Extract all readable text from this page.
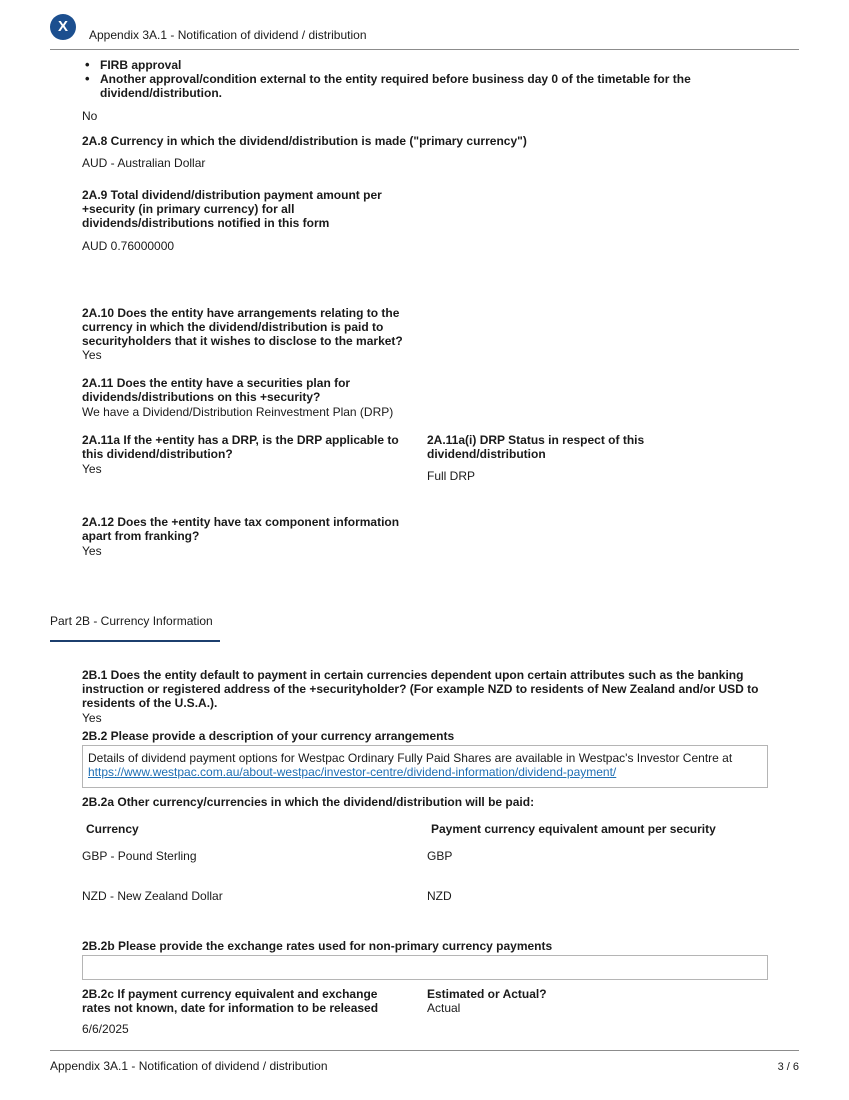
X	Appendix 3A.1 - Notification of dividend / distribution
• FIRB approval
• Another approval/condition external to the entity required before business day 0 of the timetable for the dividend/distribution.
No
2A.8 Currency in which the dividend/distribution is made ("primary currency")
AUD - Australian Dollar
2A.9 Total dividend/distribution payment amount per +security (in primary currency) for all dividends/distributions notified in this form
AUD 0.76000000
2A.10 Does the entity have arrangements relating to the currency in which the dividend/distribution is paid to securityholders that it wishes to disclose to the market?
Yes
2A.11 Does the entity have a securities plan for dividends/distributions on this +security?
We have a Dividend/Distribution Reinvestment Plan (DRP)
2A.11a If the +entity has a DRP, is the DRP applicable to this dividend/distribution?
Yes
2A.11a(i) DRP Status in respect of this dividend/distribution
Full DRP
2A.12 Does the +entity have tax component information apart from franking?
Yes
Part 2B - Currency Information
2B.1 Does the entity default to payment in certain currencies dependent upon certain attributes such as the banking instruction or registered address of the +securityholder? (For example NZD to residents of New Zealand and/or USD to residents of the U.S.A.).
Yes
2B.2 Please provide a description of your currency arrangements
Details of dividend payment options for Westpac Ordinary Fully Paid Shares are available in Westpac's Investor Centre at
https://www.westpac.com.au/about-westpac/investor-centre/dividend-information/dividend-payment/
2B.2a Other currency/currencies in which the dividend/distribution will be paid:
Currency	Payment currency equivalent amount per security
GBP - Pound Sterling	GBP
NZD - New Zealand Dollar	NZD
2B.2b Please provide the exchange rates used for non-primary currency payments
2B.2c If payment currency equivalent and exchange rates not known, date for information to be released
6/6/2025
Estimated or Actual?
Actual
Appendix 3A.1 - Notification of dividend / distribution	3 / 6
